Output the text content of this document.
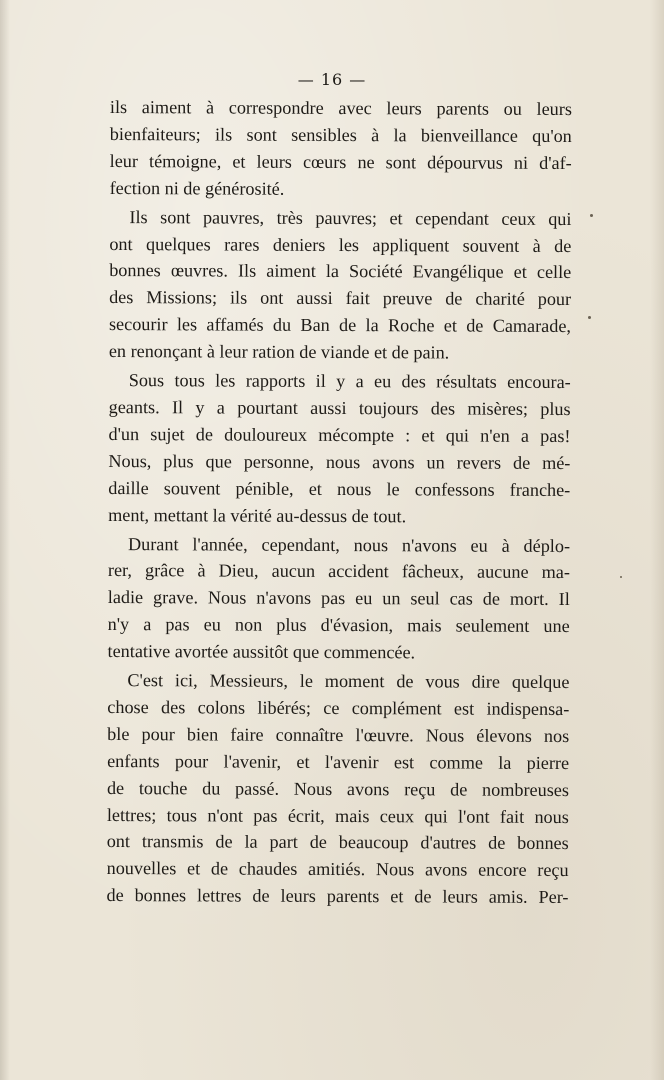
— 16 —
ils aiment à correspondre avec leurs parents ou leurs
bienfaiteurs; ils sont sensibles à la bienveillance qu'on
leur témoigne, et leurs cœurs ne sont dépourvus ni d'af-
fection ni de générosité.
Ils sont pauvres, très pauvres; et cependant ceux qui
ont quelques rares deniers les appliquent souvent à de
bonnes œuvres. Ils aiment la Société Evangélique et celle
des Missions; ils ont aussi fait preuve de charité pour
secourir les affamés du Ban de la Roche et de Camarade,
en renonçant à leur ration de viande et de pain.
Sous tous les rapports il y a eu des résultats encoura-
geants. Il y a pourtant aussi toujours des misères; plus
d'un sujet de douloureux mécompte : et qui n'en a pas!
Nous, plus que personne, nous avons un revers de mé-
daille souvent pénible, et nous le confessons franche-
ment, mettant la vérité au-dessus de tout.
Durant l'année, cependant, nous n'avons eu à déplo-
rer, grâce à Dieu, aucun accident fâcheux, aucune ma-
ladie grave. Nous n'avons pas eu un seul cas de mort. Il
n'y a pas eu non plus d'évasion, mais seulement une
tentative avortée aussitôt que commencée.
C'est ici, Messieurs, le moment de vous dire quelque
chose des colons libérés; ce complément est indispensa-
ble pour bien faire connaître l'œuvre. Nous élevons nos
enfants pour l'avenir, et l'avenir est comme la pierre
de touche du passé. Nous avons reçu de nombreuses
lettres; tous n'ont pas écrit, mais ceux qui l'ont fait nous
ont transmis de la part de beaucoup d'autres de bonnes
nouvelles et de chaudes amitiés. Nous avons encore reçu
de bonnes lettres de leurs parents et de leurs amis. Per-
